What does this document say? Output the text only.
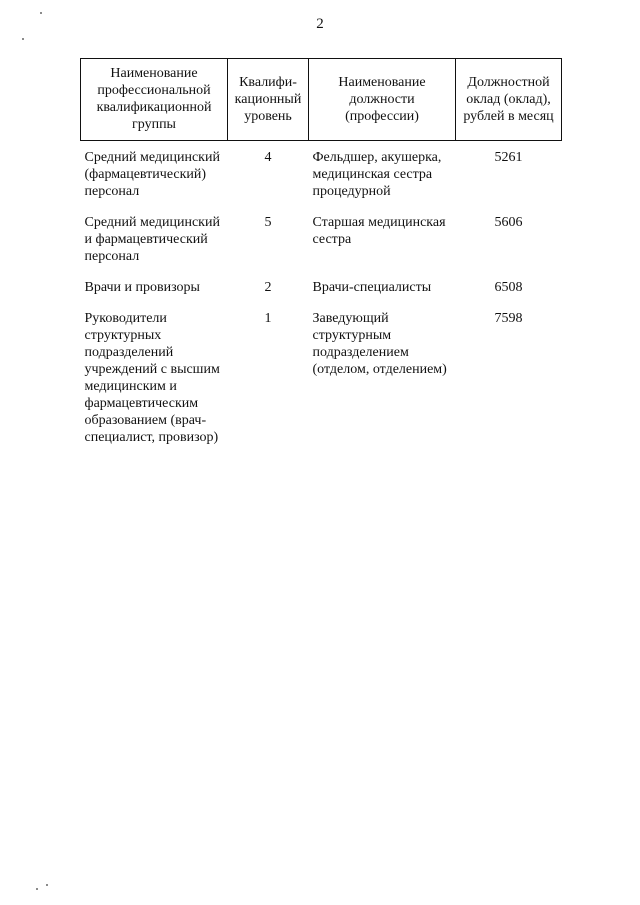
2
Наименование профессиональной квалификационной группы	Квалифи-кационный уровень	Наименование должности (профессии)	Должностной оклад (оклад), рублей в месяц
Средний медицинский (фармацевтический) персонал	4	Фельдшер, акушерка, медицинская сестра процедурной	5261
Средний медицинский и фармацевтический персонал	5	Старшая медицинская сестра	5606
Врачи и провизоры	2	Врачи-специалисты	6508
Руководители структурных подразделений учреждений с высшим медицинским и фармацевтическим образованием (врач-специалист, провизор)	1	Заведующий структурным подразделением (отделом, отделением)	7598
